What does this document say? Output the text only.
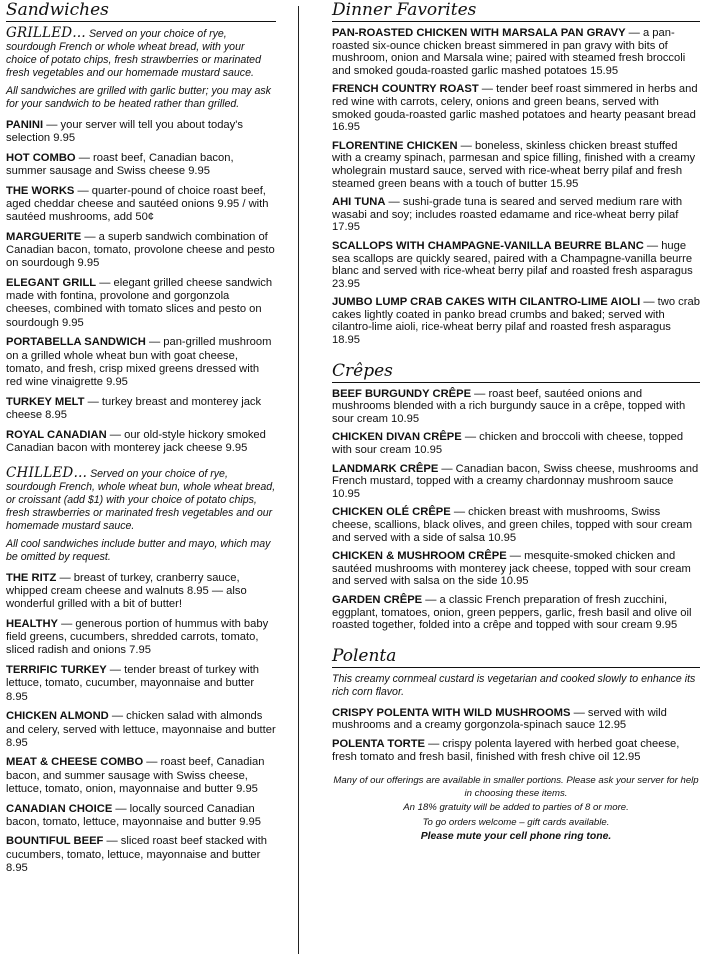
Sandwiches
GRILLED… Served on your choice of rye, sourdough French or whole wheat bread, with your choice of potato chips, fresh strawberries or marinated fresh vegetables and our homemade mustard sauce.
All sandwiches are grilled with garlic butter; you may ask for your sandwich to be heated rather than grilled.
PANINI — your server will tell you about today's selection 9.95
HOT COMBO — roast beef, Canadian bacon, summer sausage and Swiss cheese 9.95
THE WORKS — quarter-pound of choice roast beef, aged cheddar cheese and sautéed onions 9.95 / with sautéed mushrooms, add 50¢
MARGUERITE — a superb sandwich combination of Canadian bacon, tomato, provolone cheese and pesto on sourdough 9.95
ELEGANT GRILL — elegant grilled cheese sandwich made with fontina, provolone and gorgonzola cheeses, combined with tomato slices and pesto on sourdough 9.95
PORTABELLA SANDWICH — pan-grilled mushroom on a grilled whole wheat bun with goat cheese, tomato, and fresh, crisp mixed greens dressed with red wine vinaigrette 9.95
TURKEY MELT — turkey breast and monterey jack cheese 8.95
ROYAL CANADIAN — our old-style hickory smoked Canadian bacon with monterey jack cheese 9.95
CHILLED… Served on your choice of rye, sourdough French, whole wheat bun, whole wheat bread, or croissant (add $1) with your choice of potato chips, fresh strawberries or marinated fresh vegetables and our homemade mustard sauce.
All cool sandwiches include butter and mayo, which may be omitted by request.
THE RITZ — breast of turkey, cranberry sauce, whipped cream cheese and walnuts 8.95 — also wonderful grilled with a bit of butter!
HEALTHY — generous portion of hummus with baby field greens, cucumbers, shredded carrots, tomato, sliced radish and onions 7.95
TERRIFIC TURKEY — tender breast of turkey with lettuce, tomato, cucumber, mayonnaise and butter 8.95
CHICKEN ALMOND — chicken salad with almonds and celery, served with lettuce, mayonnaise and butter 8.95
MEAT & CHEESE COMBO — roast beef, Canadian bacon, and summer sausage with Swiss cheese, lettuce, tomato, onion, mayonnaise and butter 9.95
CANADIAN CHOICE — locally sourced Canadian bacon, tomato, lettuce, mayonnaise and butter 9.95
BOUNTIFUL BEEF — sliced roast beef stacked with cucumbers, tomato, lettuce, mayonnaise and butter 8.95
Dinner Favorites
PAN-ROASTED CHICKEN WITH MARSALA PAN GRAVY — a pan-roasted six-ounce chicken breast simmered in pan gravy with bits of mushroom, onion and Marsala wine; paired with steamed fresh broccoli and smoked gouda-roasted garlic mashed potatoes 15.95
FRENCH COUNTRY ROAST — tender beef roast simmered in herbs and red wine with carrots, celery, onions and green beans, served with smoked gouda-roasted garlic mashed potatoes and hearty peasant bread 16.95
FLORENTINE CHICKEN — boneless, skinless chicken breast stuffed with a creamy spinach, parmesan and spice filling, finished with a creamy wholegrain mustard sauce, served with rice-wheat berry pilaf and fresh steamed green beans with a touch of butter 15.95
AHI TUNA — sushi-grade tuna is seared and served medium rare with wasabi and soy; includes roasted edamame and rice-wheat berry pilaf 17.95
SCALLOPS WITH CHAMPAGNE-VANILLA BEURRE BLANC — huge sea scallops are quickly seared, paired with a Champagne-vanilla beurre blanc and served with rice-wheat berry pilaf and roasted fresh asparagus 23.95
JUMBO LUMP CRAB CAKES WITH CILANTRO-LIME AIOLI — two crab cakes lightly coated in panko bread crumbs and baked; served with cilantro-lime aioli, rice-wheat berry pilaf and roasted fresh asparagus 18.95
Crêpes
BEEF BURGUNDY CRÊPE — roast beef, sautéed onions and mushrooms blended with a rich burgundy sauce in a crêpe, topped with sour cream 10.95
CHICKEN DIVAN CRÊPE — chicken and broccoli with cheese, topped with sour cream 10.95
LANDMARK CRÊPE — Canadian bacon, Swiss cheese, mushrooms and French mustard, topped with a creamy chardonnay mushroom sauce 10.95
CHICKEN OLÉ CRÊPE — chicken breast with mushrooms, Swiss cheese, scallions, black olives, and green chiles, topped with sour cream and served with a side of salsa 10.95
CHICKEN & MUSHROOM CRÊPE — mesquite-smoked chicken and sautéed mushrooms with monterey jack cheese, topped with sour cream and served with salsa on the side 10.95
GARDEN CRÊPE — a classic French preparation of fresh zucchini, eggplant, tomatoes, onion, green peppers, garlic, fresh basil and olive oil roasted together, folded into a crêpe and topped with sour cream 9.95
Polenta
This creamy cornmeal custard is vegetarian and cooked slowly to enhance its rich corn flavor.
CRISPY POLENTA WITH WILD MUSHROOMS — served with wild mushrooms and a creamy gorgonzola-spinach sauce 12.95
POLENTA TORTE — crispy polenta layered with herbed goat cheese, fresh tomato and fresh basil, finished with fresh chive oil 12.95
Many of our offerings are available in smaller portions. Please ask your server for help in choosing these items.
An 18% gratuity will be added to parties of 8 or more.
To go orders welcome – gift cards available.
Please mute your cell phone ring tone.
